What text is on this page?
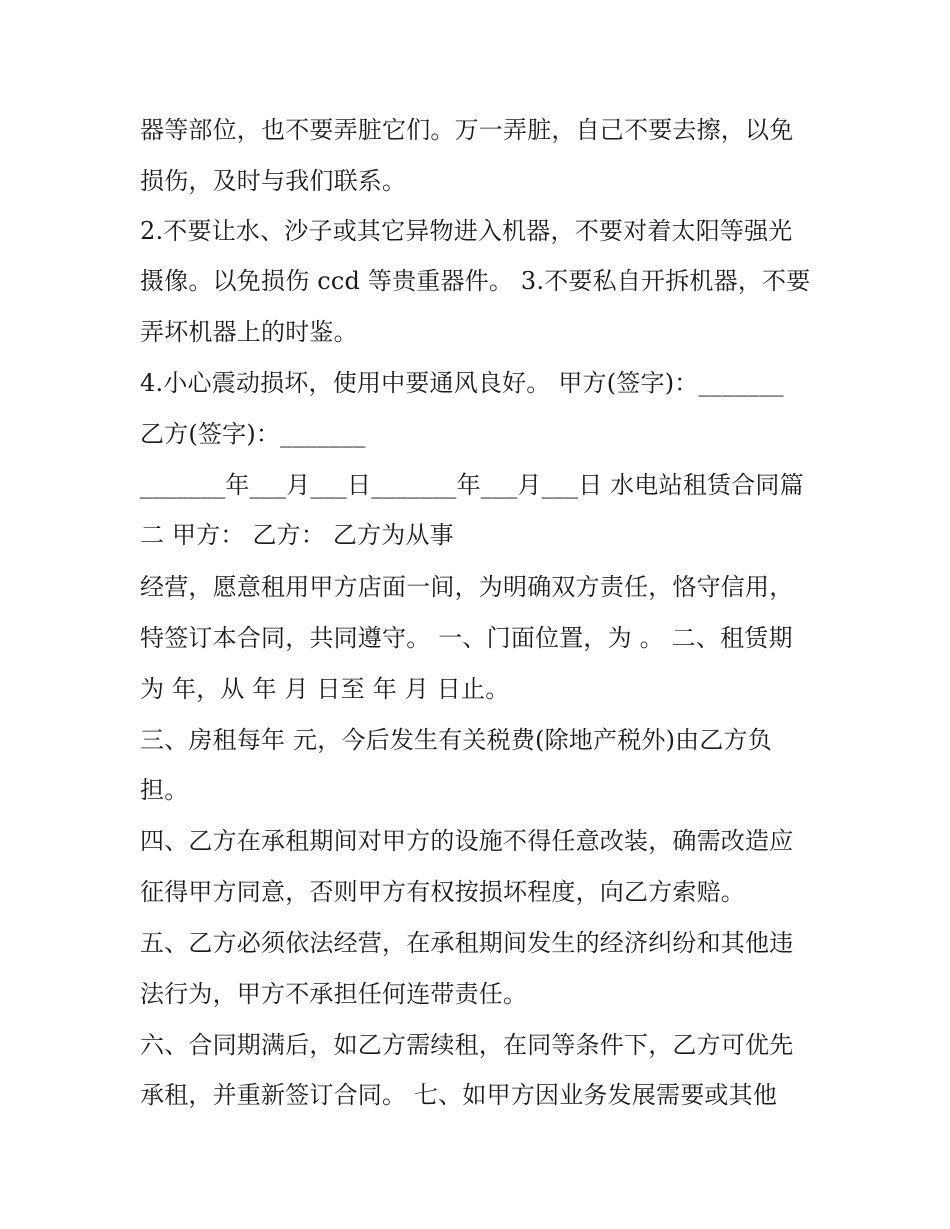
器等部位，也不要弄脏它们。万一弄脏，自己不要去擦，以免
损伤，及时与我们联系。
2.不要让水、沙子或其它异物进入机器，不要对着太阳等强光
摄像。以免损伤 ccd 等贵重器件。 3.不要私自开拆机器，不要
弄坏机器上的时鉴。
4.小心震动损坏，使用中要通风良好。 甲方(签字)：_______
乙方(签字)：_______
_______年___月___日_______年___月___日 水电站租赁合同篇
二 甲方： 乙方： 乙方为从事
经营，愿意租用甲方店面一间，为明确双方责任，恪守信用，
特签订本合同，共同遵守。 一、门面位置，为 。 二、租赁期
为 年，从 年 月 日至 年 月 日止。
三、房租每年 元，今后发生有关税费(除地产税外)由乙方负
担。
四、乙方在承租期间对甲方的设施不得任意改装，确需改造应
征得甲方同意，否则甲方有权按损坏程度，向乙方索赔。
五、乙方必须依法经营，在承租期间发生的经济纠纷和其他违
法行为，甲方不承担任何连带责任。
六、合同期满后，如乙方需续租，在同等条件下，乙方可优先
承租，并重新签订合同。 七、如甲方因业务发展需要或其他
